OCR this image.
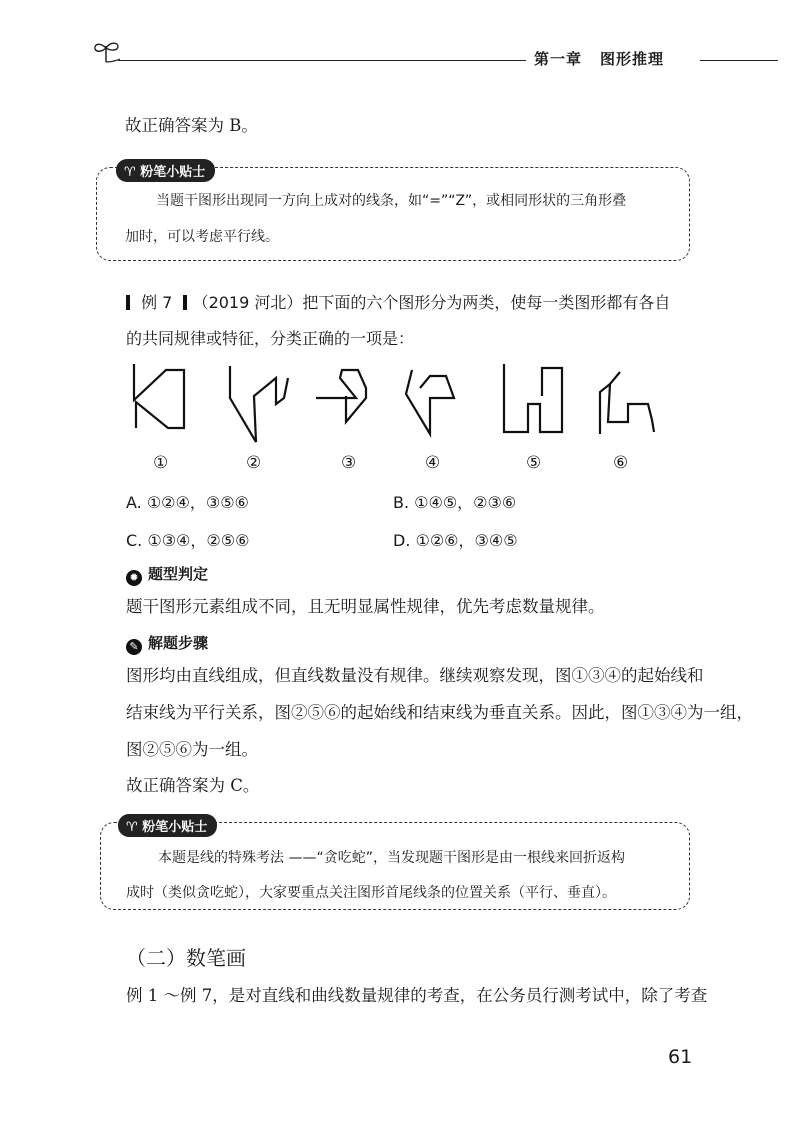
第一章 图形推理
故正确答案为 B。
♈︎ 粉笔小贴士
当题干图形出现同一方向上成对的线条，如“=”“Z”，或相同形状的三角形叠
加时，可以考虑平行线。
例 7 （2019 河北）把下面的六个图形分为两类，使每一类图形都有各自
的共同规律或特征，分类正确的一项是：
①	②	③	④	⑤	⑥
A. ①②④，③⑤⑥	B. ①④⑤，②③⑥
C. ①③④，②⑤⑥	D. ①②⑥，③④⑤
✹ 题型判定
题干图形元素组成不同，且无明显属性规律，优先考虑数量规律。
✎ 解题步骤
图形均由直线组成，但直线数量没有规律。继续观察发现，图①③④的起始线和
结束线为平行关系，图②⑤⑥的起始线和结束线为垂直关系。因此，图①③④为一组，
图②⑤⑥为一组。
故正确答案为 C。
♈︎ 粉笔小贴士
本题是线的特殊考法 ——“贪吃蛇”，当发现题干图形是由一根线来回折返构
成时（类似贪吃蛇），大家要重点关注图形首尾线条的位置关系（平行、垂直）。
（二）数笔画
例 1 ～例 7，是对直线和曲线数量规律的考查，在公务员行测考试中，除了考查
61
